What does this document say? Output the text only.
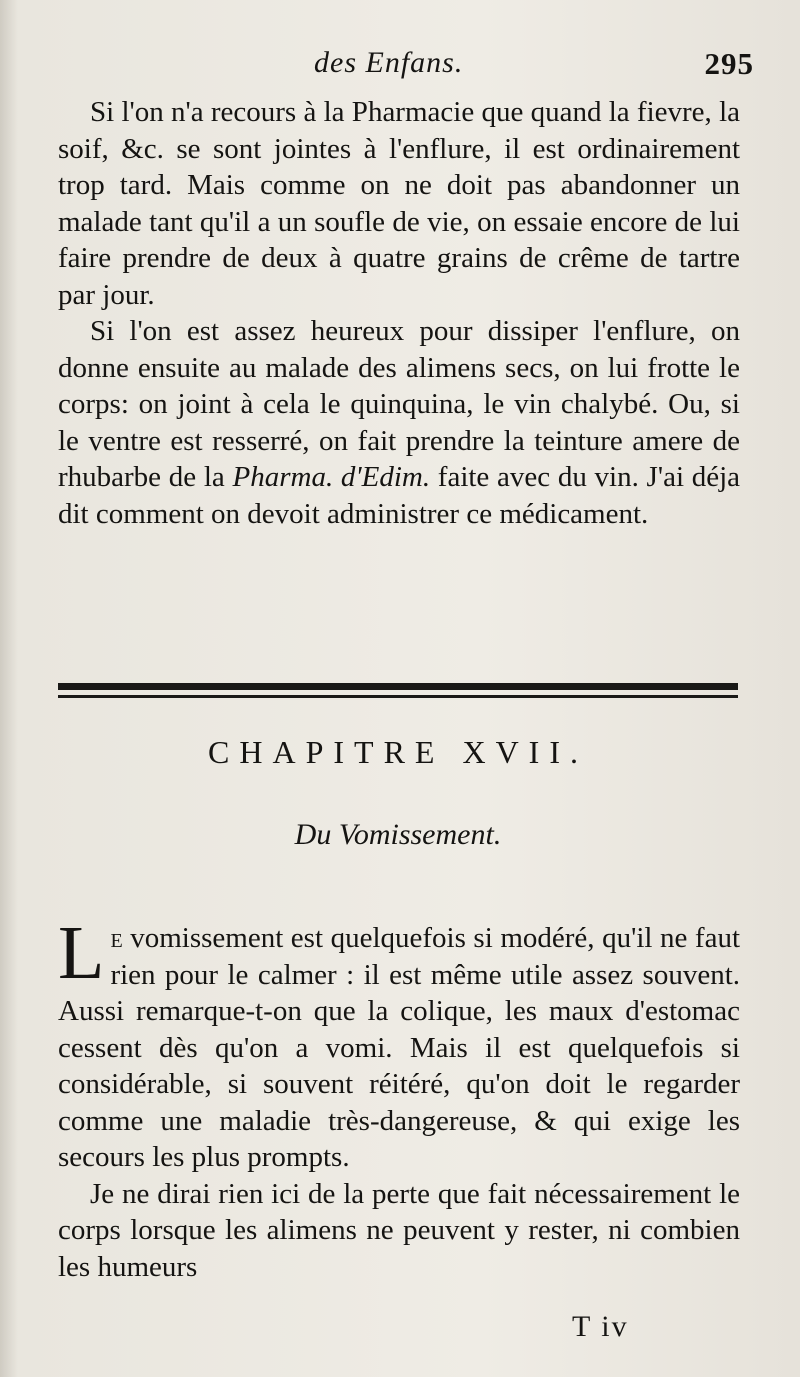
des Enfans.	295

Si l'on n'a recours à la Pharmacie que quand la fievre, la soif, &c. se sont jointes à l'enflure, il est ordinairement trop tard. Mais comme on ne doit pas abandonner un malade tant qu'il a un soufle de vie, on essaie encore de lui faire prendre de deux à quatre grains de crême de tartre par jour.

Si l'on est assez heureux pour dissiper l'enflure, on donne ensuite au malade des alimens secs, on lui frotte le corps: on joint à cela le quinquina, le vin chalybé. Ou, si le ventre est resserré, on fait prendre la teinture amere de rhubarbe de la Pharma. d'Edim. faite avec du vin. J'ai déja dit comment on devoit administrer ce médicament.

CHAPITRE XVII.
Du Vomissement.

Le vomissement est quelquefois si modéré, qu'il ne faut rien pour le calmer : il est même utile assez souvent. Aussi remarque-t-on que la colique, les maux d'estomac cessent dès qu'on a vomi. Mais il est quelquefois si considérable, si souvent réitéré, qu'on doit le regarder comme une maladie très-dangereuse, & qui exige les secours les plus prompts.

Je ne dirai rien ici de la perte que fait nécessairement le corps lorsque les alimens ne peuvent y rester, ni combien les humeurs

T iv
